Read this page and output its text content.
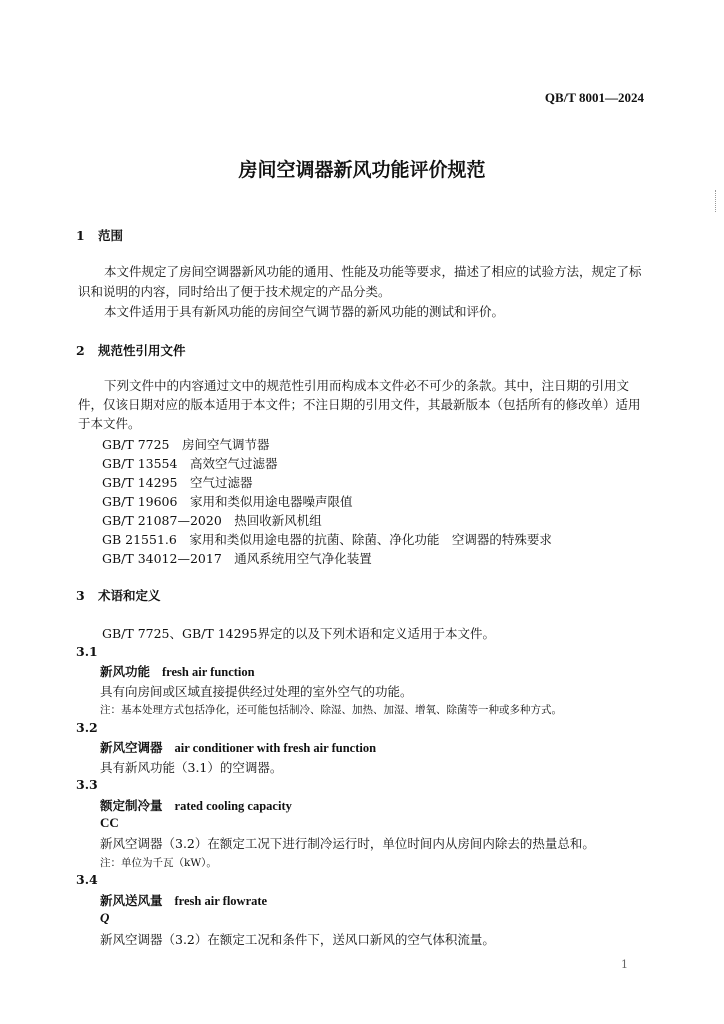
QB/T 8001—2024
房间空调器新风功能评价规范
1 范围
本文件规定了房间空调器新风功能的通用、性能及功能等要求，描述了相应的试验方法，规定了标识和说明的内容，同时给出了便于技术规定的产品分类。
本文件适用于具有新风功能的房间空气调节器的新风功能的测试和评价。
2 规范性引用文件
下列文件中的内容通过文中的规范性引用而构成本文件必不可少的条款。其中，注日期的引用文件，仅该日期对应的版本适用于本文件；不注日期的引用文件，其最新版本（包括所有的修改单）适用于本文件。
GB/T 7725　房间空气调节器
GB/T 13554　高效空气过滤器
GB/T 14295　空气过滤器
GB/T 19606　家用和类似用途电器噪声限值
GB/T 21087—2020　热回收新风机组
GB 21551.6　家用和类似用途电器的抗菌、除菌、净化功能　空调器的特殊要求
GB/T 34012—2017　通风系统用空气净化装置
3 术语和定义
GB/T 7725、GB/T 14295界定的以及下列术语和定义适用于本文件。
3.1
新风功能 fresh air function
具有向房间或区域直接提供经过处理的室外空气的功能。
注：基本处理方式包括净化，还可能包括制冷、除湿、加热、加湿、增氧、除菌等一种或多种方式。
3.2
新风空调器 air conditioner with fresh air function
具有新风功能（3.1）的空调器。
3.3
额定制冷量 rated cooling capacity
CC
新风空调器（3.2）在额定工况下进行制冷运行时，单位时间内从房间内除去的热量总和。
注：单位为千瓦（kW）。
3.4
新风送风量 fresh air flowrate
Q
新风空调器（3.2）在额定工况和条件下，送风口新风的空气体积流量。
1
